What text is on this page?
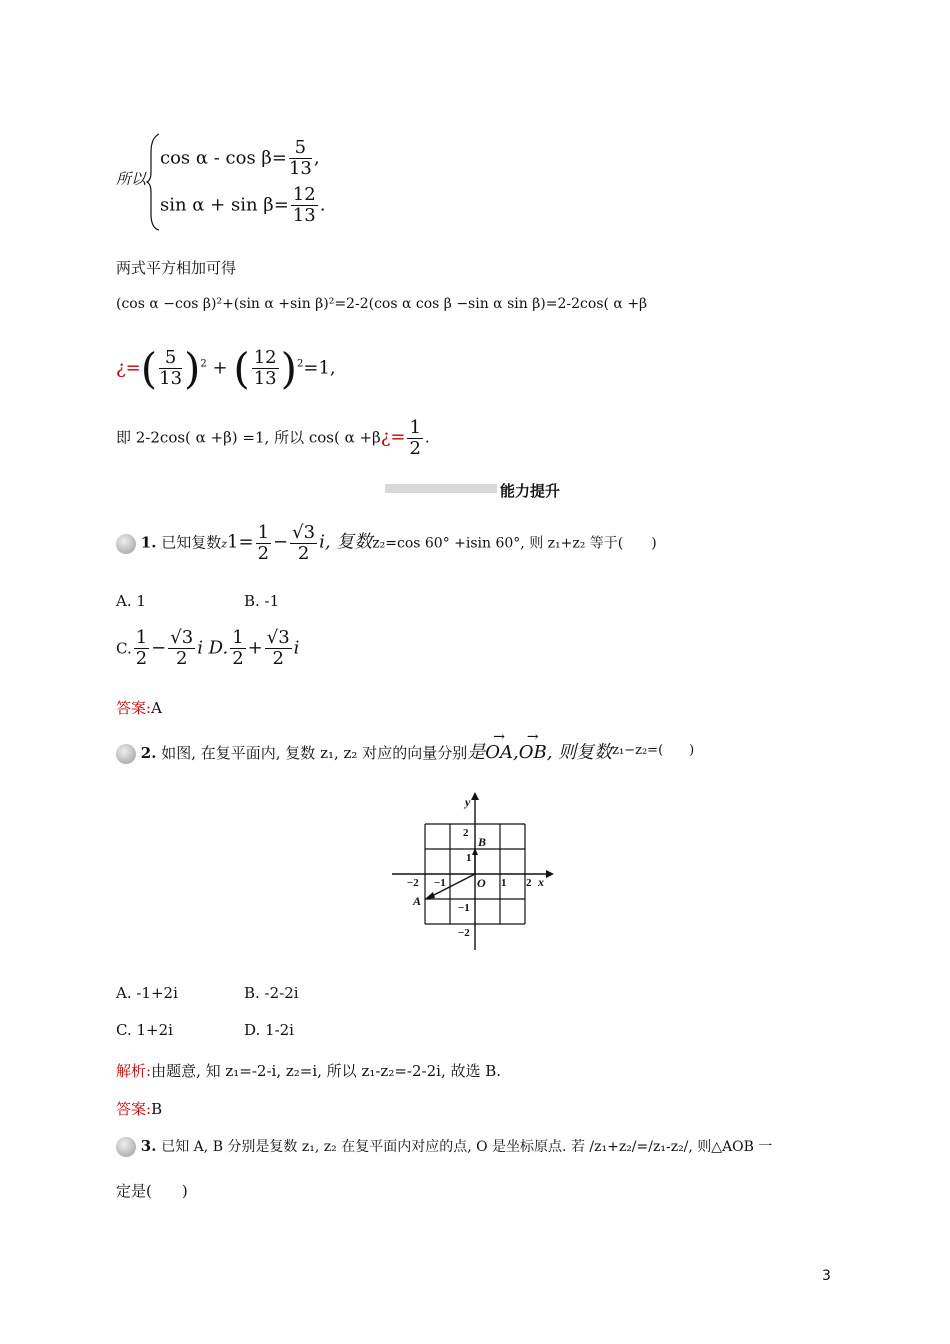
所以
$\cos \alpha - \cos \beta= \frac{5}{13}$ ,
$\sin \alpha + \sin \beta= \frac{12}{13}$ .
两式平方相加可得
(cos α −cos β)²+(sin α +sin β)²=2-2(cos α cos β −sin α sin β)=2-2cos( α +β
¿=( $\frac{5}{13} )^2$ + ( $\frac{12}{13} )^2=1$,
即 2-2cos( α +β) =1, 所以 cos( α +β¿= $\frac{1}{2}$ .
能力提升
1. 已知复数$z1= \frac{1}{2} - \frac{√3}{2} i$, 复数z₂=cos 60° +isin 60°, 则 z₁+z₂ 等于(　　)
A. 1	B. -1
C. $\frac{1}{2} - \frac{√3}{2}$ i D. $\frac{1}{2} + \frac{√3}{2}$ i
答案:A
2. 如图, 在复平面内, 复数 z₁, z₂ 对应的向量分别是→ OA,→ OB, 则复数z₁−z₂=(　　)
y
x
O
B
A
2
1
−1
−2
−2 −1	1 2
A. -1+2i	B. -2-2i
C. 1+2i	D. 1-2i
解析:由题意, 知 z₁=-2-i, z₂=i, 所以 z₁-z₂=-2-2i, 故选 B.
答案:B
3. 已知 A, B 分别是复数 z₁, z₂ 在复平面内对应的点, O 是坐标原点. 若 /z₁+z₂/=/z₁-z₂/, 则△AOB 一
定是(　　)
3
